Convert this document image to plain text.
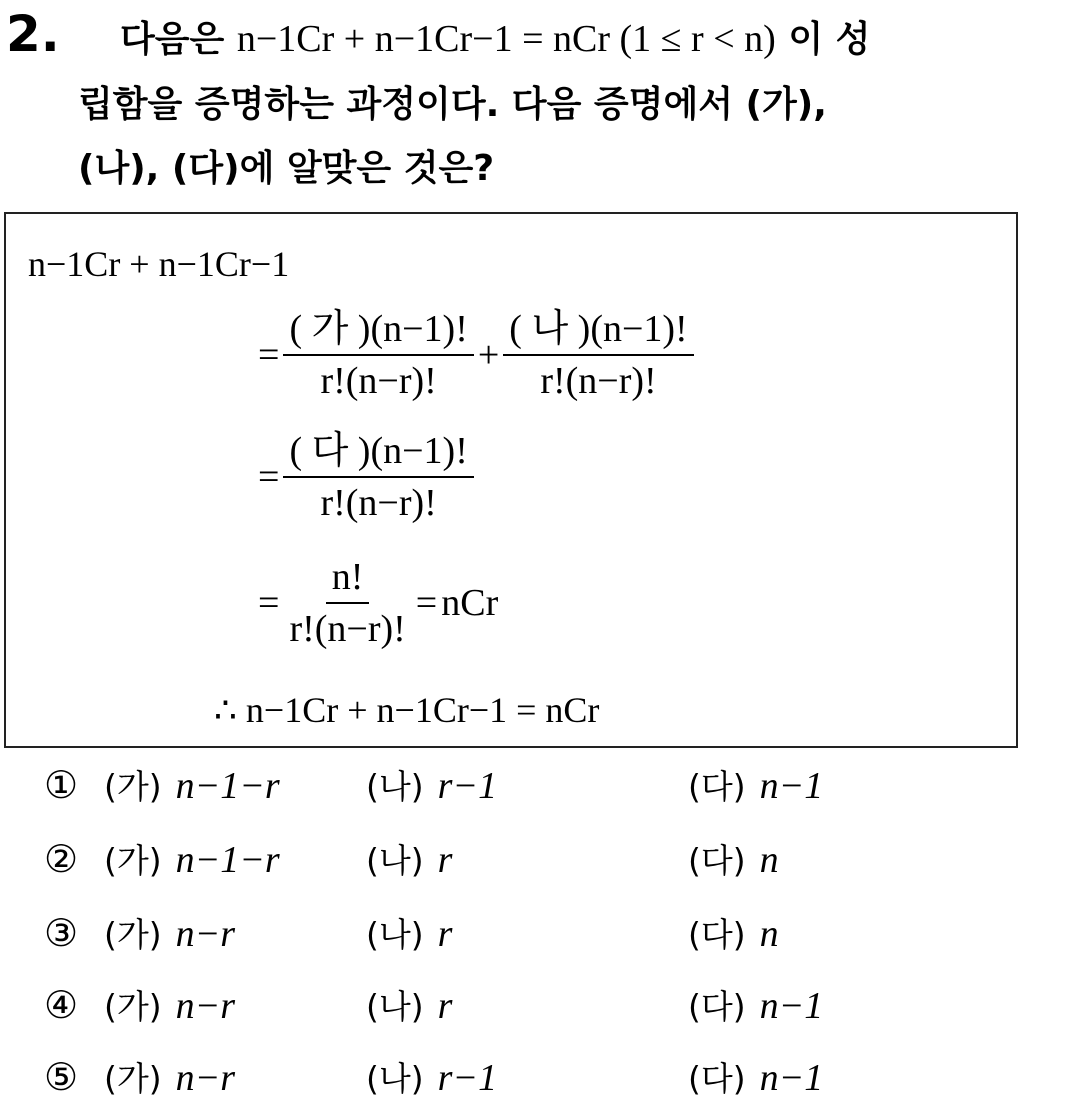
2. 다음은 n−1Cr + n−1Cr−1 = nCr (1 ≤ r < n) 이 성
립함을 증명하는 과정이다. 다음 증명에서 (가),
(나), (다)에 알맞은 것은?
n−1Cr + n−1Cr−1
= $\frac{\text{( 가 )(n−1)!}}{r!(n-r)!} + \frac{\text{( 나 )(n−1)!}}{r!(n-r)!}$
= $\frac{\text{( 다 )(n−1)!}}{r!(n-r)!}$
= $\frac{n!}{r!(n-r)!}$ = nCr
∴ n−1Cr + n−1Cr−1 = nCr
① (가) n−1−r	(나) r−1	(다) n−1
② (가) n−1−r	(나) r	(다) n
③ (가) n−r	(나) r	(다) n
④ (가) n−r	(나) r	(다) n−1
⑤ (가) n−r	(나) r−1	(다) n−1
